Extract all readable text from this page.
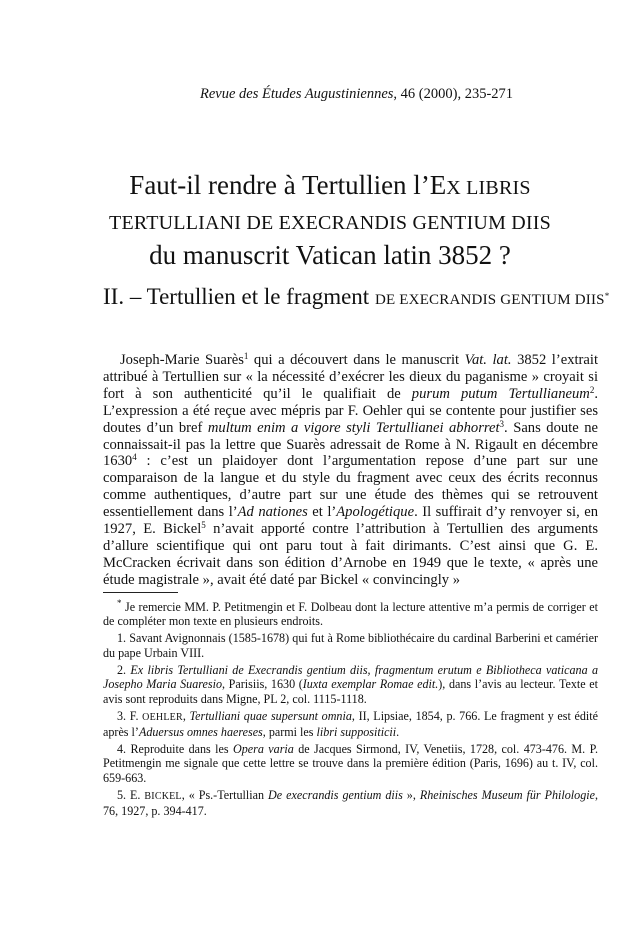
Revue des Études Augustiniennes, 46 (2000), 235-271
Faut-il rendre à Tertullien l’EX LIBRIS
TERTULLIANI DE EXECRANDIS GENTIUM DIIS
du manuscrit Vatican latin 3852 ?
II. – Tertullien et le fragment DE EXECRANDIS GENTIUM DIIS*

Joseph-Marie Suarès$^1$ qui a découvert dans le manuscrit Vat. lat. 3852 l’extrait attribué à Tertullien sur « la nécessité d’exécrer les dieux du paganisme » croyait si fort à son authenticité qu’il le qualifiait de purum putum Tertullianeum$^2$. L’expression a été reçue avec mépris par F. Oehler qui se contente pour justifier ses doutes d’un bref multum enim a vigore styli Tertullianei abhorret$^3$. Sans doute ne connaissait-il pas la lettre que Suarès adressait de Rome à N. Rigault en décembre 1630$^4$ : c’est un plaidoyer dont l’argumentation repose d’une part sur une comparaison de la langue et du style du fragment avec ceux des écrits reconnus comme authentiques, d’autre part sur une étude des thèmes qui se retrouvent essentiellement dans l’Ad nationes et l’Apologétique. Il suffirait d’y renvoyer si, en 1927, E. Bickel$^5$ n’avait apporté contre l’attribution à Tertullien des arguments d’allure scientifique qui ont paru tout à fait dirimants. C’est ainsi que G. E. McCracken écrivait dans son édition d’Arnobe en 1949 que le texte, « après une étude magistrale », avait été daté par Bickel « convincingly »

* Je remercie MM. P. Petitmengin et F. Dolbeau dont la lecture attentive m’a permis de corriger et de compléter mon texte en plusieurs endroits.

1. Savant Avignonnais (1585-1678) qui fut à Rome bibliothécaire du cardinal Barberini et camérier du pape Urbain VIII.

2. Ex libris Tertulliani de Execrandis gentium diis, fragmentum erutum e Bibliotheca vaticana a Josepho Maria Suaresio, Parisiis, 1630 (Iuxta exemplar Romae edit.), dans l’avis au lecteur. Texte et avis sont reproduits dans Migne, PL 2, col. 1115-1118.

3. F. OEHLER, Tertulliani quae supersunt omnia, II, Lipsiae, 1854, p. 766. Le fragment y est édité après l’Aduersus omnes haereses, parmi les libri suppositicii.

4. Reproduite dans les Opera varia de Jacques Sirmond, IV, Venetiis, 1728, col. 473-476. M. P. Petitmengin me signale que cette lettre se trouve dans la première édition (Paris, 1696) au t. IV, col. 659-663.

5. E. BICKEL, « Ps.-Tertullian De execrandis gentium diis », Rheinisches Museum für Philologie, 76, 1927, p. 394-417.
